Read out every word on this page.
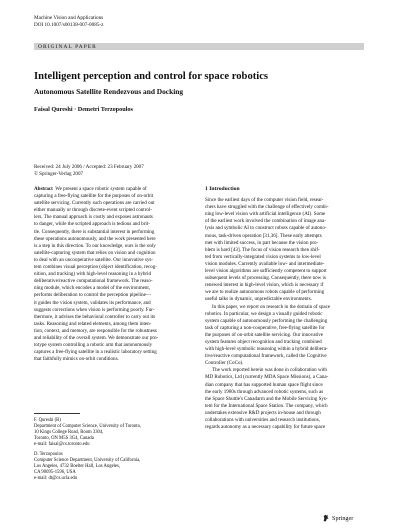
Machine Vision and Applications
DOI 10.1007/s00138-007-0085-z
ORIGINAL PAPER
Intelligent perception and control for space robotics
Autonomous Satellite Rendezvous and Docking
Faisal Qureshi · Demetri Terzopoulos
Received: 24 July 2006 / Accepted: 23 February 2007
© Springer-Verlag 2007
Abstract We present a space robotic system capable of
capturing a free-flying satellite for the purposes of on-orbit
satellite servicing. Currently such operations are carried out
either manually or through discrete-event scripted control-
lers. The manual approach is costly and exposes astronauts
to danger, while the scripted approach is tedious and brit-
tle. Consequently, there is substantial interest in performing
these operations autonomously, and the work presented here
is a step in this direction. To our knowledge, ours is the only
satellite-capturing system that relies on vision and cognition
to deal with an uncooperative satellite. Our innovative sys-
tem combines visual perception (object identification, recog-
nition, and tracking) with high-level reasoning in a hybrid
deliberative/reactive computational framework. The reaso-
ning module, which encodes a model of the environment,
performs deliberation to control the perception pipeline—
it guides the vision system, validates its performance, and
suggests corrections when vision is performing poorly. Fur-
thermore, it advises the behavioral controller to carry out its
tasks. Reasoning and related elements, among them inten-
tion, context, and memory, are responsible for the robustness
and reliability of the overall system. We demonstrate our pro-
totype system controlling a robotic arm that autonomously
captures a free-flying satellite in a realistic laboratory setting
that faithfully mimics on-orbit conditions.
F. Qureshi (B)
Department of Computer Science, University of Toronto,
10 Kings College Road, Room 3304,
Toronto, ON M5S 3G4, Canada
e-mail: faisal@cs.toronto.edu
D. Terzopoulos
Computer Science Department, University of California,
Los Angeles, 4732 Boelter Hall, Los Angeles,
CA 90095-1596, USA
e-mail: dt@cs.ucla.edu
1 Introduction
Since the earliest days of the computer vision field, resear-
chers have struggled with the challenge of effectively combi-
ning low-level vision with artificial intelligence (AI). Some
of the earliest work involved the combination of image ana-
lysis and symbolic AI to construct robots capable of autono-
mous, task-driven operation [31,36]. These early attempts
met with limited success, in part because the vision pro-
blem is hard [43]. The focus of vision research then shif-
ted from vertically-integrated vision systems to low-level
vision modules. Currently available low- and intermediate-
level vision algorithms are sufficiently competent to support
subsequent levels of processing. Consequently, there now is
renewed interest in high-level vision, which is necessary if
we are to realize autonomous robots capable of performing
useful talks in dynamic, unpredictable environments.
In this paper, we report on research in the domain of space
robotics. In particular, we design a visually guided robotic
system capable of autonomously performing the challenging
task of capturing a non-cooperative, free-flying satellite for
the purposes of on-orbit satellite servicing. Our innovative
system features object recognition and tracking combined
with high-level symbolic reasoning within a hybrid delibera-
tive/reactive computational framework, called the Cognitive
Controller (CoCo).
The work reported herein was done in collaboration with
MD Robotics, Ltd (currently MDA Space Missions), a Cana-
dian company that has supported human space flight since
the early 1980s through advanced robotic systems, such as
the Space Shuttle's Canadarm and the Mobile Servicing Sys-
tem for the International Space Station. The company, which
undertakes extensive R&D projects in-house and through
collaborations with universities and research institutions,
regards autonomy as a necessary capability for future space
Springer
